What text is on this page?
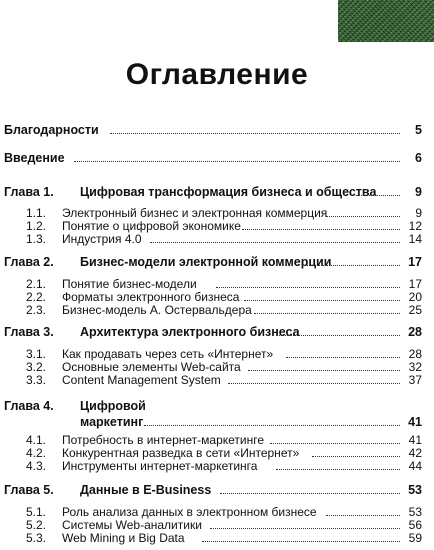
Оглавление
Благодарности	5
Введение	6
Глава 1. Цифровая трансформация бизнеса и общества	9
1.1. Электронный бизнес и электронная коммерция	9
1.2. Понятие о цифровой экономике	12
1.3. Индустрия 4.0	14
Глава 2. Бизнес-модели электронной коммерции	17
2.1. Понятие бизнес-модели	17
2.2. Форматы электронного бизнеса	20
2.3. Бизнес-модель А. Остервальдера	25
Глава 3. Архитектура электронного бизнеса	28
3.1. Как продавать через сеть «Интернет»	28
3.2. Основные элементы Web-сайта	32
3.3. Content Management System	37
Глава 4. Цифровой
маркетинг	41
4.1. Потребность в интернет-маркетинге	41
4.2. Конкурентная разведка в сети «Интернет»	42
4.3. Инструменты интернет-маркетинга	44
Глава 5. Данные в E-Business	53
5.1. Роль анализа данных в электронном бизнесе	53
5.2. Системы Web-аналитики	56
5.3. Web Mining и Big Data	59
